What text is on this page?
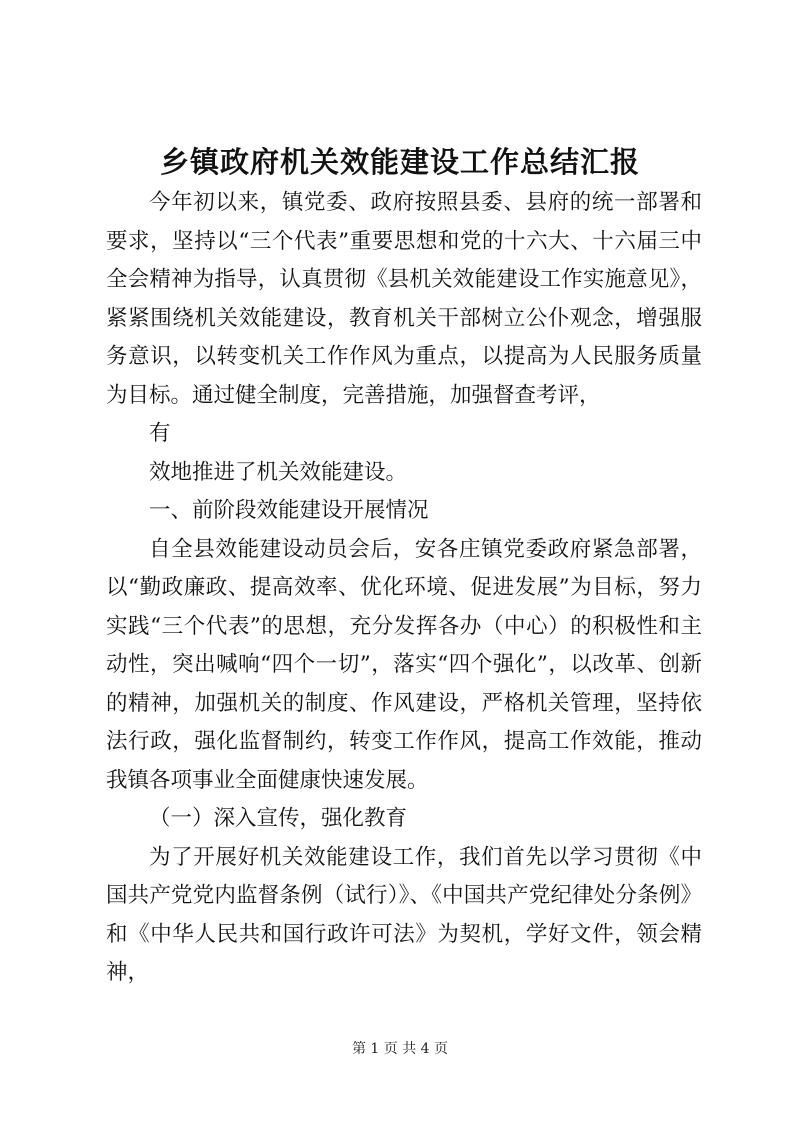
乡镇政府机关效能建设工作总结汇报

今年初以来，镇党委、政府按照县委、县府的统一部署和要求，坚持以“三个代表”重要思想和党的十六大、十六届三中全会精神为指导，认真贯彻《县机关效能建设工作实施意见》，紧紧围绕机关效能建设，教育机关干部树立公仆观念，增强服务意识，以转变机关工作作风为重点，以提高为人民服务质量为目标。通过健全制度，完善措施，加强督查考评，

有

效地推进了机关效能建设。

一、前阶段效能建设开展情况

自全县效能建设动员会后，安各庄镇党委政府紧急部署，以“勤政廉政、提高效率、优化环境、促进发展”为目标，努力实践“三个代表”的思想，充分发挥各办（中心）的积极性和主动性，突出喊响“四个一切”，落实“四个强化”，以改革、创新的精神，加强机关的制度、作风建设，严格机关管理，坚持依法行政，强化监督制约，转变工作作风，提高工作效能，推动我镇各项事业全面健康快速发展。

（一）深入宣传，强化教育

为了开展好机关效能建设工作，我们首先以学习贯彻《中国共产党党内监督条例（试行）》、《中国共产党纪律处分条例》和《中华人民共和国行政许可法》为契机，学好文件，领会精神，

第 1 页 共 4 页
